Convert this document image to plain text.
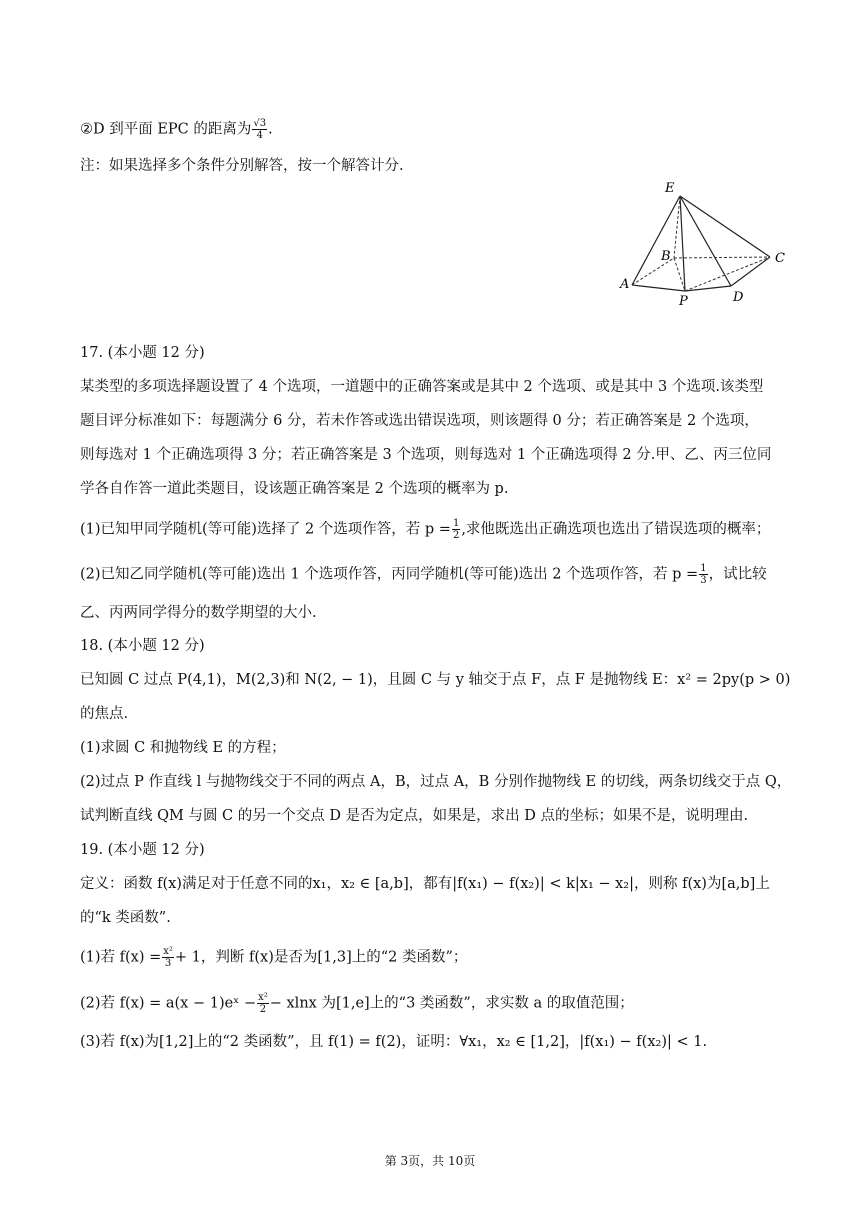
②D 到平面 EPC 的距离为 $\frac{√3}{4}$ .
注：如果选择多个条件分别解答，按一个解答计分.
E
B	C
A
P	D
17. (本小题 12 分)
某类型的多项选择题设置了 4 个选项，一道题中的正确答案或是其中 2 个选项、或是其中 3 个选项.该类型
题目评分标准如下：每题满分 6 分，若未作答或选出错误选项，则该题得 0 分；若正确答案是 2 个选项，
则每选对 1 个正确选项得 3 分；若正确答案是 3 个选项，则每选对 1 个正确选项得 2 分.甲、乙、丙三位同
学各自作答一道此类题目，设该题正确答案是 2 个选项的概率为 p.
(1)已知甲同学随机(等可能)选择了 2 个选项作答，若 $p = \frac{1}{2}$ ,求他既选出正确选项也选出了错误选项的概率；
(2)已知乙同学随机(等可能)选出 1 个选项作答，丙同学随机(等可能)选出 2 个选项作答，若 $p = \frac{1}{3}$ ，试比较
乙、丙两同学得分的数学期望的大小.
18. (本小题 12 分)
已知圆 C 过点 P(4,1)，M(2,3)和 N(2, − 1)，且圆 C 与 y 轴交于点 F，点 F 是抛物线 E：x² = 2py(p > 0)
的焦点.
(1)求圆 C 和抛物线 E 的方程；
(2)过点 P 作直线 l 与抛物线交于不同的两点 A，B，过点 A，B 分别作抛物线 E 的切线，两条切线交于点 Q，
试判断直线 QM 与圆 C 的另一个交点 D 是否为定点，如果是，求出 D 点的坐标；如果不是，说明理由.
19. (本小题 12 分)
定义：函数 f(x)满足对于任意不同的x₁，x₂ ∈ [a,b]，都有|f(x₁) − f(x₂)| < k|x₁ − x₂|，则称 f(x)为[a,b]上
的“k 类函数”.
(1)若 $f(x) = \frac{\text{x²}}{3} + 1$，判断 f(x)是否为[1,3]上的“2 类函数”；
(2)若 f(x) = a(x − 1)eˣ − $\frac{\text{x²}}{2} - xlnx$ 为[1,e]上的“3 类函数”，求实数 a 的取值范围；
(3)若 f(x)为[1,2]上的“2 类函数”，且 f(1) = f(2)，证明：∀x₁，x₂ ∈ [1,2]，|f(x₁) − f(x₂)| < 1.
第 3页，共 10页
